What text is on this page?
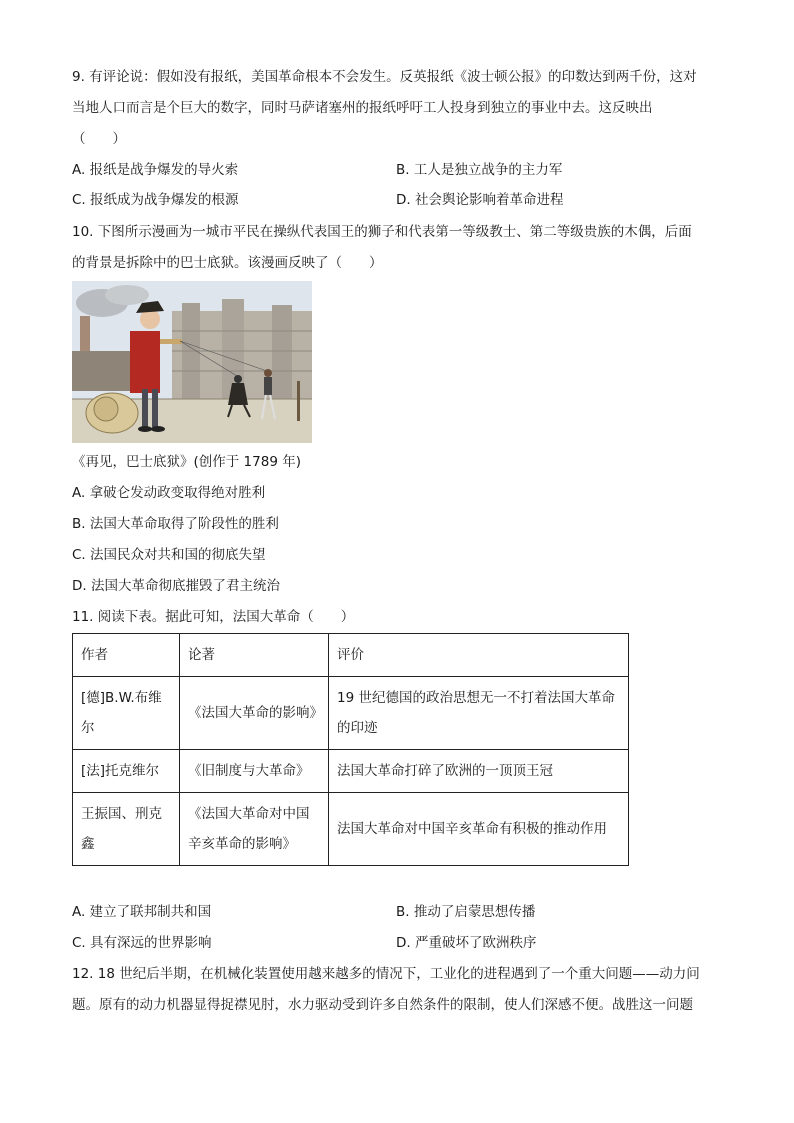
9. 有评论说：假如没有报纸，美国革命根本不会发生。反英报纸《波士顿公报》的印数达到两千份，这对
当地人口而言是个巨大的数字，同时马萨诸塞州的报纸呼吁工人投身到独立的事业中去。这反映出
（　　）
A. 报纸是战争爆发的导火索	B. 工人是独立战争的主力军
C. 报纸成为战争爆发的根源	D. 社会舆论影响着革命进程
10. 下图所示漫画为一城市平民在操纵代表国王的狮子和代表第一等级教士、第二等级贵族的木偶，后面
的背景是拆除中的巴士底狱。该漫画反映了（　　）
《再见，巴士底狱》(创作于 1789 年)
A. 拿破仑发动政变取得绝对胜利
B. 法国大革命取得了阶段性的胜利
C. 法国民众对共和国的彻底失望
D. 法国大革命彻底摧毁了君主统治
11. 阅读下表。据此可知，法国大革命（　　）
作者	论著	评价
[德]B.W.布维尔	《法国大革命的影响》	19 世纪德国的政治思想无一不打着法国大革命的印迹
[法]托克维尔	《旧制度与大革命》	法国大革命打碎了欧洲的一顶顶王冠
王振国、刑克鑫	《法国大革命对中国辛亥革命的影响》	法国大革命对中国辛亥革命有积极的推动作用
A. 建立了联邦制共和国	B. 推动了启蒙思想传播
C. 具有深远的世界影响	D. 严重破坏了欧洲秩序
12. 18 世纪后半期，在机械化装置使用越来越多的情况下，工业化的进程遇到了一个重大问题——动力问
题。原有的动力机器显得捉襟见肘，水力驱动受到许多自然条件的限制，使人们深感不便。战胜这一问题
